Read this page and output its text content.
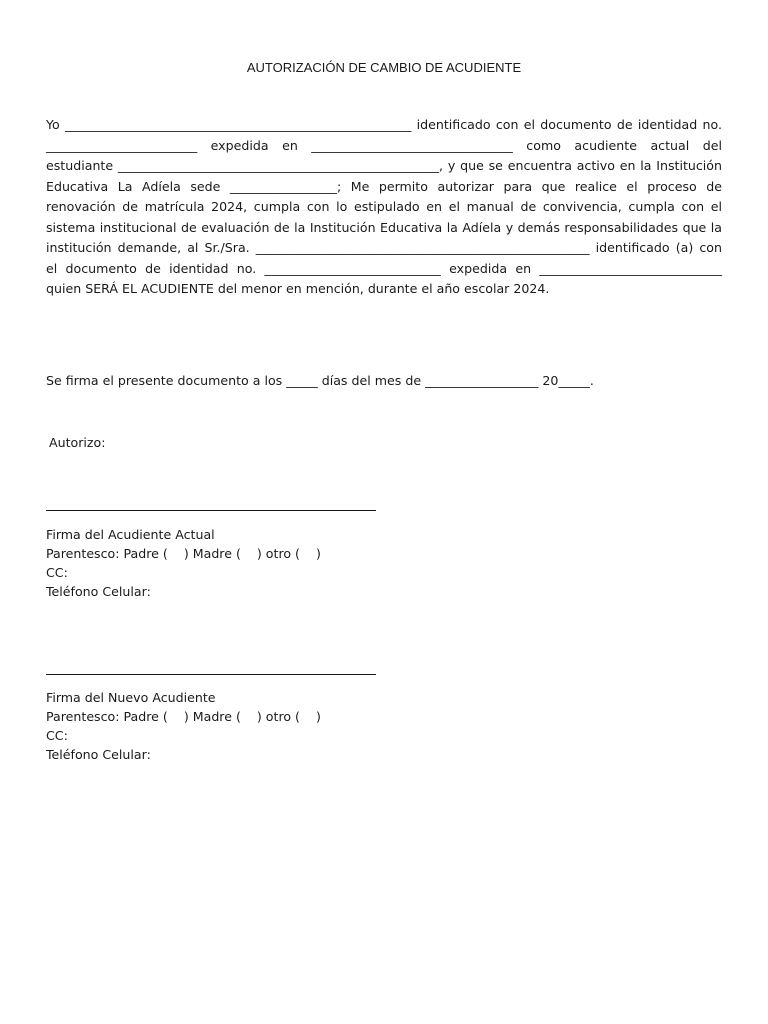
AUTORIZACIÓN DE CAMBIO DE ACUDIENTE

Yo _______________________________________________________ identificado con el documento de identidad no. ________________________ expedida en ________________________________ como acudiente actual del estudiante ___________________________________________________, y que se encuentra activo en la Institución Educativa La Adíela sede _________________; Me permito autorizar para que realice el proceso de renovación de matrícula 2024, cumpla con lo estipulado en el manual de convivencia, cumpla con el sistema institucional de evaluación de la Institución Educativa la Adíela y demás responsabilidades que la institución demande, al Sr./Sra. _____________________________________________________ identificado (a) con el documento de identidad no. ____________________________ expedida en _____________________________ quien SERÁ EL ACUDIENTE del menor en mención, durante el año escolar 2024.

Se firma el presente documento a los _____ días del mes de __________________ 20_____.
Autorizo:
Firma del Acudiente Actual
Parentesco: Padre (    ) Madre (    ) otro (    )
CC:
Teléfono Celular:
Firma del Nuevo Acudiente
Parentesco: Padre (    ) Madre (    ) otro (    )
CC:
Teléfono Celular:
